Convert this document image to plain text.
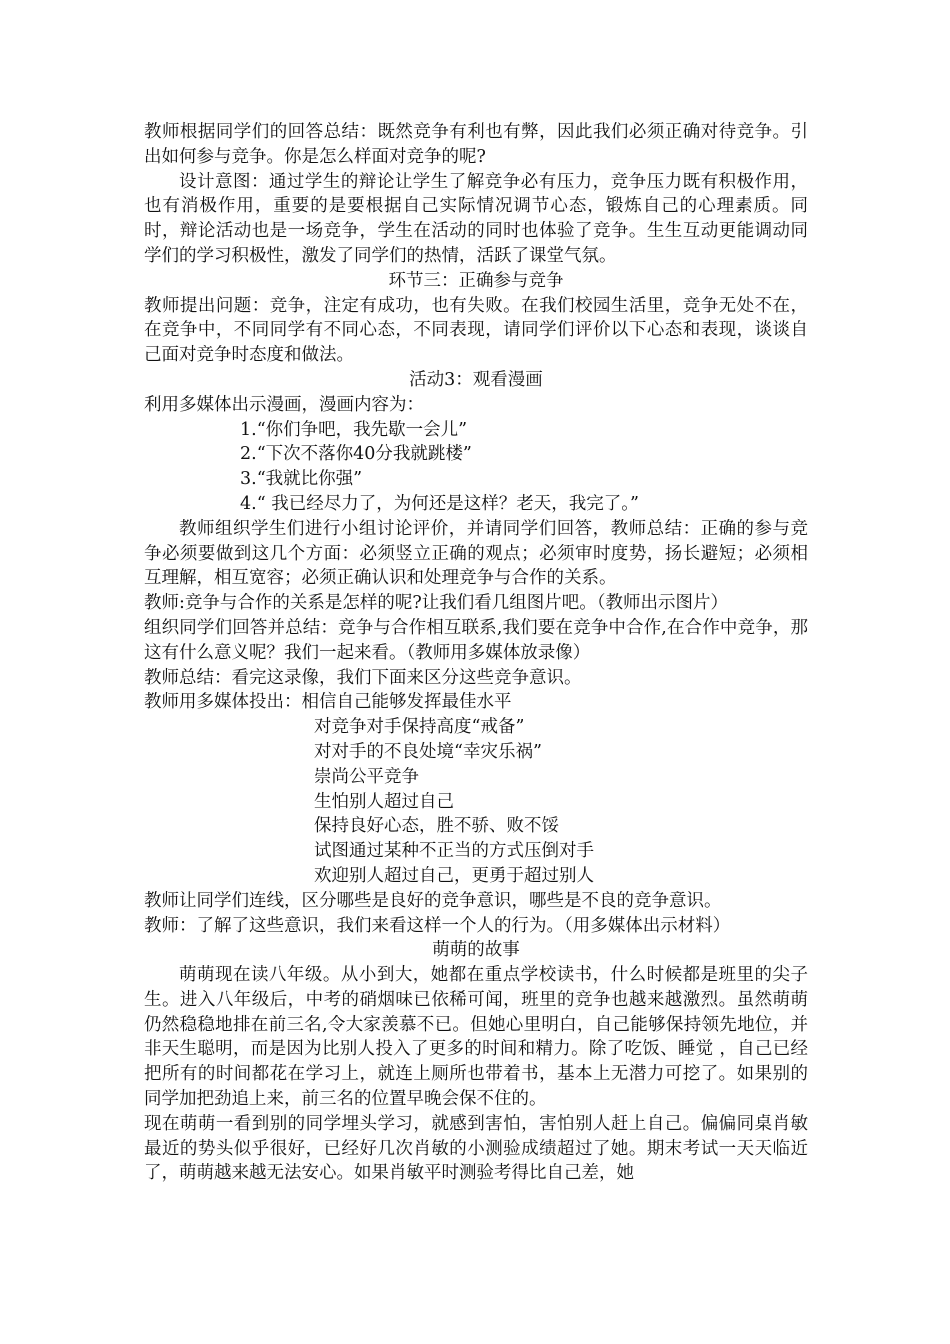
教师根据同学们的回答总结：既然竞争有利也有弊，因此我们必须正确对待竞争。引出如何参与竞争。你是怎么样面对竞争的呢?

设计意图：通过学生的辩论让学生了解竞争必有压力，竞争压力既有积极作用，也有消极作用，重要的是要根据自己实际情况调节心态，锻炼自己的心理素质。同时，辩论活动也是一场竞争，学生在活动的同时也体验了竞争。生生互动更能调动同学们的学习积极性，激发了同学们的热情，活跃了课堂气氛。

环节三：正确参与竞争

教师提出问题：竞争，注定有成功，也有失败。在我们校园生活里，竞争无处不在，在竞争中，不同同学有不同心态，不同表现，请同学们评价以下心态和表现，谈谈自己面对竞争时态度和做法。

活动3：观看漫画

利用多媒体出示漫画，漫画内容为：

1.“你们争吧，我先歇一会儿”

2.“下次不落你40分我就跳楼”

3.“我就比你强”

4.“ 我已经尽力了，为何还是这样？老天，我完了。”

教师组织学生们进行小组讨论评价，并请同学们回答，教师总结：正确的参与竞争必须要做到这几个方面：必须竖立正确的观点；必须审时度势，扬长避短；必须相互理解，相互宽容；必须正确认识和处理竞争与合作的关系。

教师:竞争与合作的关系是怎样的呢?让我们看几组图片吧。（教师出示图片）

组织同学们回答并总结：竞争与合作相互联系,我们要在竞争中合作,在合作中竞争，那这有什么意义呢？我们一起来看。（教师用多媒体放录像）

教师总结：看完这录像，我们下面来区分这些竞争意识。

教师用多媒体投出：相信自己能够发挥最佳水平

对竞争对手保持高度“戒备”

对对手的不良处境“幸灾乐祸”

崇尚公平竞争

生怕别人超过自己

保持良好心态，胜不骄、败不馁

试图通过某种不正当的方式压倒对手

欢迎别人超过自己，更勇于超过别人

教师让同学们连线，区分哪些是良好的竞争意识，哪些是不良的竞争意识。

教师：了解了这些意识，我们来看这样一个人的行为。（用多媒体出示材料）

萌萌的故事

萌萌现在读八年级。从小到大，她都在重点学校读书，什么时候都是班里的尖子生。进入八年级后，中考的硝烟味已依稀可闻，班里的竞争也越来越激烈。虽然萌萌仍然稳稳地排在前三名,令大家羡慕不已。但她心里明白，自己能够保持领先地位，并非天生聪明，而是因为比别人投入了更多的时间和精力。除了吃饭、睡觉 ，自己已经把所有的时间都花在学习上，就连上厕所也带着书，基本上无潜力可挖了。如果别的同学加把劲追上来，前三名的位置早晚会保不住的。

现在萌萌一看到别的同学埋头学习，就感到害怕，害怕别人赶上自己。偏偏同桌肖敏最近的势头似乎很好，已经好几次肖敏的小测验成绩超过了她。期末考试一天天临近了，萌萌越来越无法安心。如果肖敏平时测验考得比自己差，她
